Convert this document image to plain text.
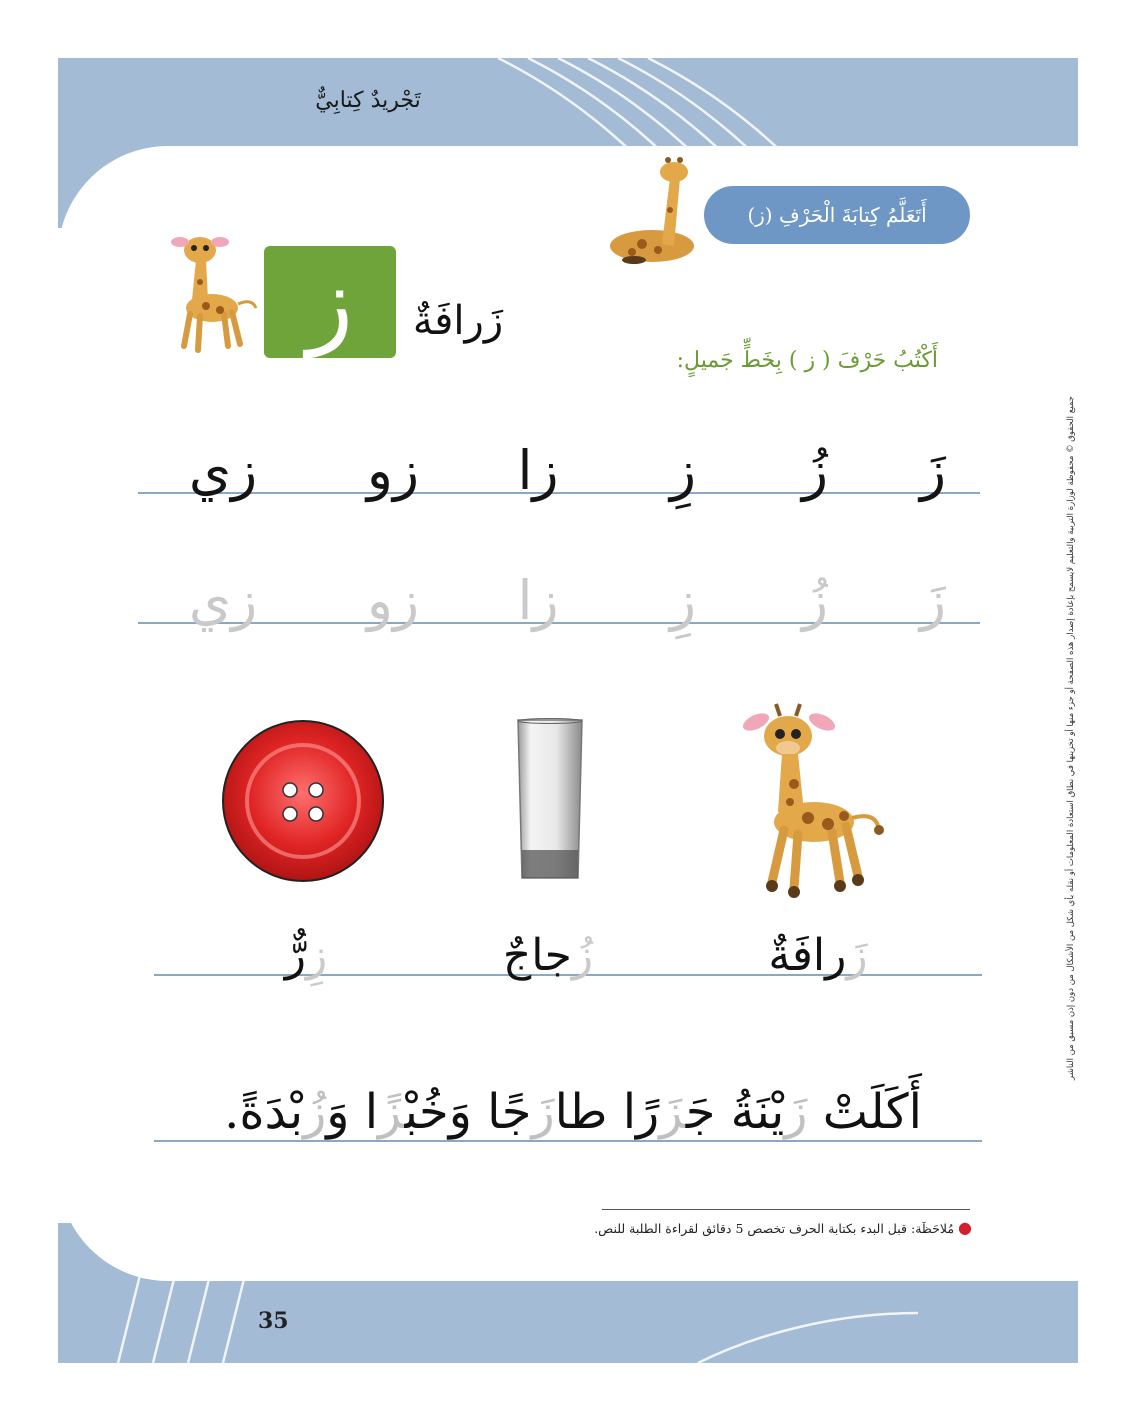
تَجْريدٌ كِتابِيٌّ
أَتَعَلَّمُ كِتابَةَ الْحَرْفِ (ز)
ز	زَرافَةٌ
أَكْتُبُ حَرْفَ ( ز ) بِخَطٍّ جَميلٍ:
زَ
زُ
زِ
زا
زو
زي
زَ
زُ
زِ
زا
زو
زي
زَرافَةٌ
زُجاجٌ
زِرٌّ
أَكَلَتْ زَيْنَةُ جَزَرًا طازَجًا وَخُبْزًا وَزُبْدَةً.
● مُلاحَظَة: قبل البدء بكتابة الحرف تخصص 5 دقائق لقراءة الطلبة للنص.
35
جميع الحقوق © محفوظة لوزارة التربية والتعليم لايسمح بإعادة إصدار هذه الصفحة أو جزء منها أو تخزينها في نطاق استعادة المعلومات أو نقله بأي شكل من الأشكال من دون إذن مسبق من الناشر
